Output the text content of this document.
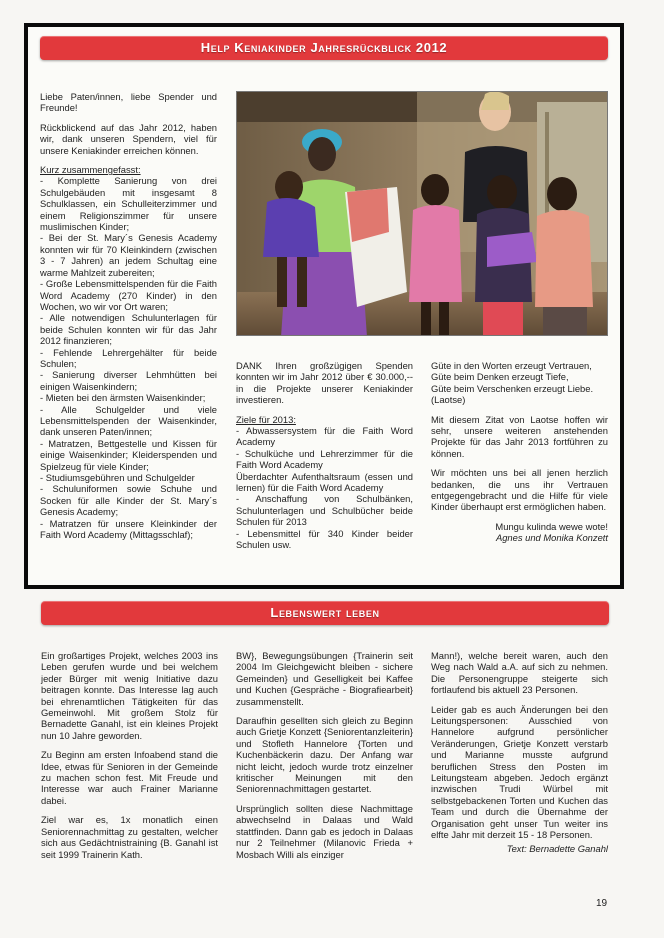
Help Keniakinder Jahresrückblick 2012

Liebe Paten/innen, liebe Spender und Freunde!

Rückblickend auf das Jahr 2012, haben wir, dank unseren Spendern, viel für unsere Keniakinder erreichen können.

Kurz zusammengefasst:
- Komplette Sanierung von drei Schulgebäuden mit insgesamt 8 Schulklassen, ein Schulleiterzimmer und einem Religionszimmer für unsere muslimischen Kinder;
- Bei der St. Mary´s Genesis Academy konnten wir für 70 Kleinkindern (zwischen 3 - 7 Jahren) an jedem Schultag eine warme Mahlzeit zubereiten;
- Große Lebensmittelspenden für die Faith Word Academy (270 Kinder) in den Wochen, wo wir vor Ort waren;
- Alle notwendigen Schulunterlagen für beide Schulen konnten wir für das Jahr 2012 finanzieren;
- Fehlende Lehrergehälter für beide Schulen;
- Sanierung diverser Lehmhütten bei einigen Waisenkindern;
- Mieten bei den ärmsten Waisenkinder;
- Alle Schulgelder und viele Lebensmittelspenden der Waisenkinder, dank unseren Paten/innen;
- Matratzen, Bettgestelle und Kissen für einige Waisenkinder; Kleiderspenden und Spielzeug für viele Kinder;
- Studiumsgebühren und Schulgelder
- Schuluniformen sowie Schuhe und Socken für alle Kinder der St. Mary´s Genesis Academy;
- Matratzen für unsere Kleinkinder der Faith Word Academy (Mittagsschlaf);

DANK Ihren großzügigen Spenden konnten wir im Jahr 2012 über € 30.000,-- in die Projekte unserer Keniakinder investieren.

Ziele für 2013:
- Abwassersystem für die Faith Word Academy
- Schulküche und Lehrerzimmer für die Faith Word Academy
Überdachter Aufenthaltsraum (essen und lernen) für die Faith Word Academy
- Anschaffung von Schulbänken, Schulunterlagen und Schulbücher beide Schulen für 2013
- Lebensmittel für 340 Kinder beider Schulen usw.

Güte in den Worten erzeugt Vertrauen,
Güte beim Denken erzeugt Tiefe,
Güte beim Verschenken erzeugt Liebe.
(Laotse)

Mit diesem Zitat von Laotse hoffen wir sehr, unsere weiteren anstehenden Projekte für das Jahr 2013 fortführen zu können.

Wir möchten uns bei all jenen herzlich bedanken, die uns ihr Vertrauen entgegengebracht und die Hilfe für viele Kinder überhaupt erst ermöglichen haben.

Mungu kulinda wewe wote!
Agnes und Monika Konzett
Lebenswert leben

Ein großartiges Projekt, welches 2003 ins Leben gerufen wurde und bei welchem jeder Bürger mit wenig Initiative dazu beitragen konnte. Das Interesse lag auch bei ehrenamtlichen Tätigkeiten für das Gemeinwohl. Mit großem Stolz für Bernadette Ganahl, ist ein kleines Projekt nun 10 Jahre geworden.

Zu Beginn am ersten Infoabend stand die Idee, etwas für Senioren in der Gemeinde zu machen schon fest. Mit Freude und Interesse war auch Frainer Marianne dabei.

Ziel war es, 1x monatlich einen Seniorennachmittag zu gestalten, welcher sich aus Gedächtnistraining {B. Ganahl ist seit 1999 Trainerin Kath.

BW}, Bewegungsübungen {Trainerin seit 2004 Im Gleichgewicht bleiben - sichere Gemeinden} und Geselligkeit bei Kaffee und Kuchen {Gespräche - Biografiearbeit} zusammenstellt.

Daraufhin gesellten sich gleich zu Beginn auch Grietje Konzett {Seniorentanzleiterin} und Stofleth Hannelore {Torten und Kuchenbäckerin dazu. Der Anfang war nicht leicht, jedoch wurde trotz einzelner kritischer Meinungen mit den Seniorennachmittagen gestartet.

Ursprünglich sollten diese Nachmittage abwechselnd in Dalaas und Wald stattfinden. Dann gab es jedoch in Dalaas nur 2 Teilnehmer (Milanovic Frieda + Mosbach Willi als einziger

Mann!), welche bereit waren, auch den Weg nach Wald a.A. auf sich zu nehmen. Die Personengruppe steigerte sich fortlaufend bis aktuell 23 Personen.

Leider gab es auch Änderungen bei den Leitungspersonen: Ausschied von Hannelore aufgrund persönlicher Veränderungen, Grietje Konzett verstarb und Marianne musste aufgrund beruflichen Stress den Posten im Leitungsteam abgeben. Jedoch ergänzt inzwischen Trudi Würbel mit selbstgebackenen Torten und Kuchen das Team und durch die Übernahme der Organisation geht unser Tun weiter ins elfte Jahr mit derzeit 15 - 18 Personen.

Text: Bernadette Ganahl
19
